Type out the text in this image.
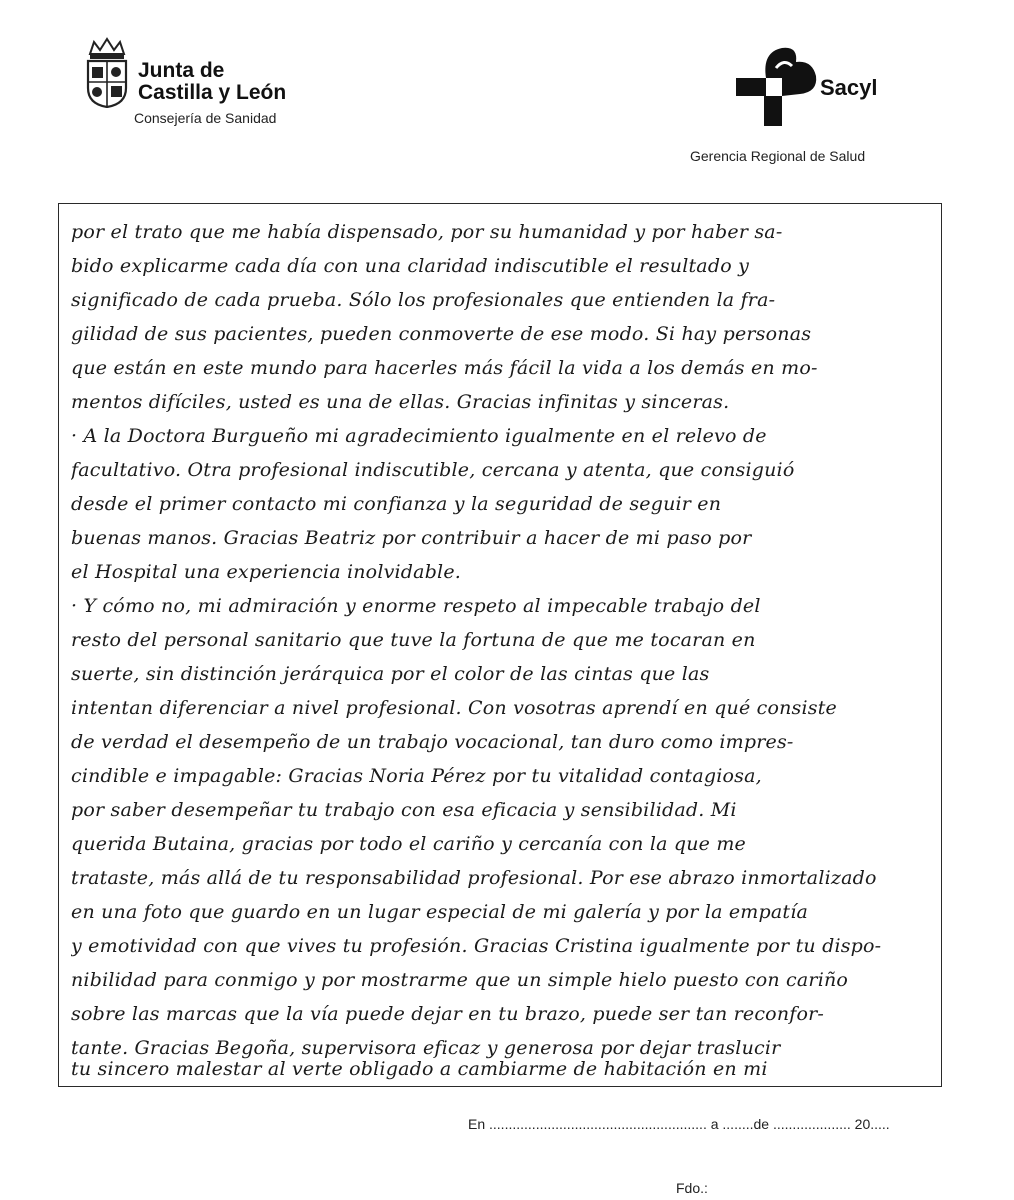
Junta de
Castilla y León
Consejería de Sanidad
Sacyl
Gerencia Regional de Salud
por el trato que me había dispensado, por su humanidad y por haber sa-
bido explicarme cada día con una claridad indiscutible el resultado y
significado de cada prueba. Sólo los profesionales que entienden la fra-
gilidad de sus pacientes, pueden conmoverte de ese modo. Si hay personas
que están en este mundo para hacerles más fácil la vida a los demás en mo-
mentos difíciles, usted es una de ellas. Gracias infinitas y sinceras.
· A la Doctora Burgueño mi agradecimiento igualmente en el relevo de
facultativo. Otra profesional indiscutible, cercana y atenta, que consiguió
desde el primer contacto mi confianza y la seguridad de seguir en
buenas manos. Gracias Beatriz por contribuir a hacer de mi paso por
el Hospital una experiencia inolvidable.
· Y cómo no, mi admiración y enorme respeto al impecable trabajo del
resto del personal sanitario que tuve la fortuna de que me tocaran en
suerte, sin distinción jerárquica por el color de las cintas que las
intentan diferenciar a nivel profesional. Con vosotras aprendí en qué consiste
de verdad el desempeño de un trabajo vocacional, tan duro como impres-
cindible e impagable: Gracias Noria Pérez por tu vitalidad contagiosa,
por saber desempeñar tu trabajo con esa eficacia y sensibilidad. Mi
querida Butaina, gracias por todo el cariño y cercanía con la que me
trataste, más allá de tu responsabilidad profesional. Por ese abrazo inmortalizado
en una foto que guardo en un lugar especial de mi galería y por la empatía
y emotividad con que vives tu profesión. Gracias Cristina igualmente por tu dispo-
nibilidad para conmigo y por mostrarme que un simple hielo puesto con cariño
sobre las marcas que la vía puede dejar en tu brazo, puede ser tan reconfor-
tante. Gracias Begoña, supervisora eficaz y generosa por dejar traslucir
tu sincero malestar al verte obligado a cambiarme de habitación en mi
En ........................................................ a ........de .................... 20.....
Fdo.:
